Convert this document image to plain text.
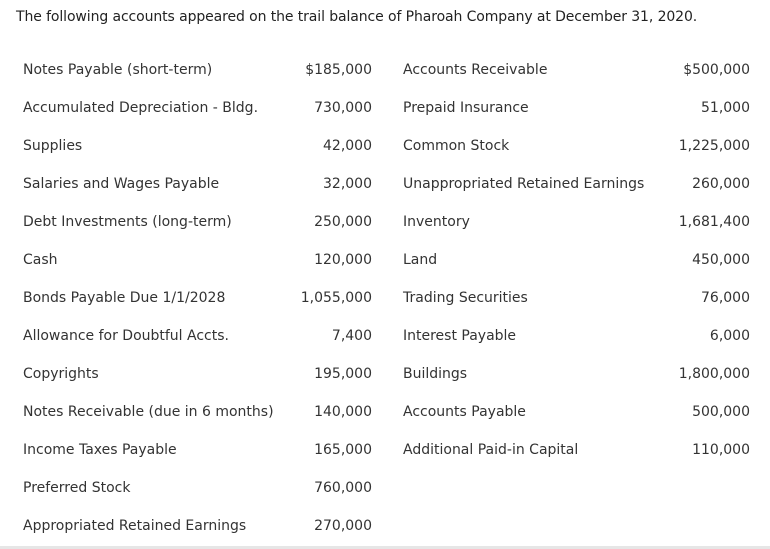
The following accounts appeared on the trail balance of Pharoah Company at December 31, 2020.
Notes Payable (short-term)	$185,000 Accounts Receivable	$500,000
Accumulated Depreciation - Bldg.	730,000 Prepaid Insurance	51,000
Supplies	42,000 Common Stock	1,225,000
Salaries and Wages Payable	32,000 Unappropriated Retained Earnings	260,000
Debt Investments (long-term)	250,000 Inventory	1,681,400
Cash	120,000 Land	450,000
Bonds Payable Due 1/1/2028	1,055,000 Trading Securities	76,000
Allowance for Doubtful Accts.	7,400 Interest Payable	6,000
Copyrights	195,000 Buildings	1,800,000
Notes Receivable (due in 6 months)	140,000 Accounts Payable	500,000
Income Taxes Payable	165,000 Additional Paid-in Capital	110,000
Preferred Stock	760,000
Appropriated Retained Earnings	270,000
